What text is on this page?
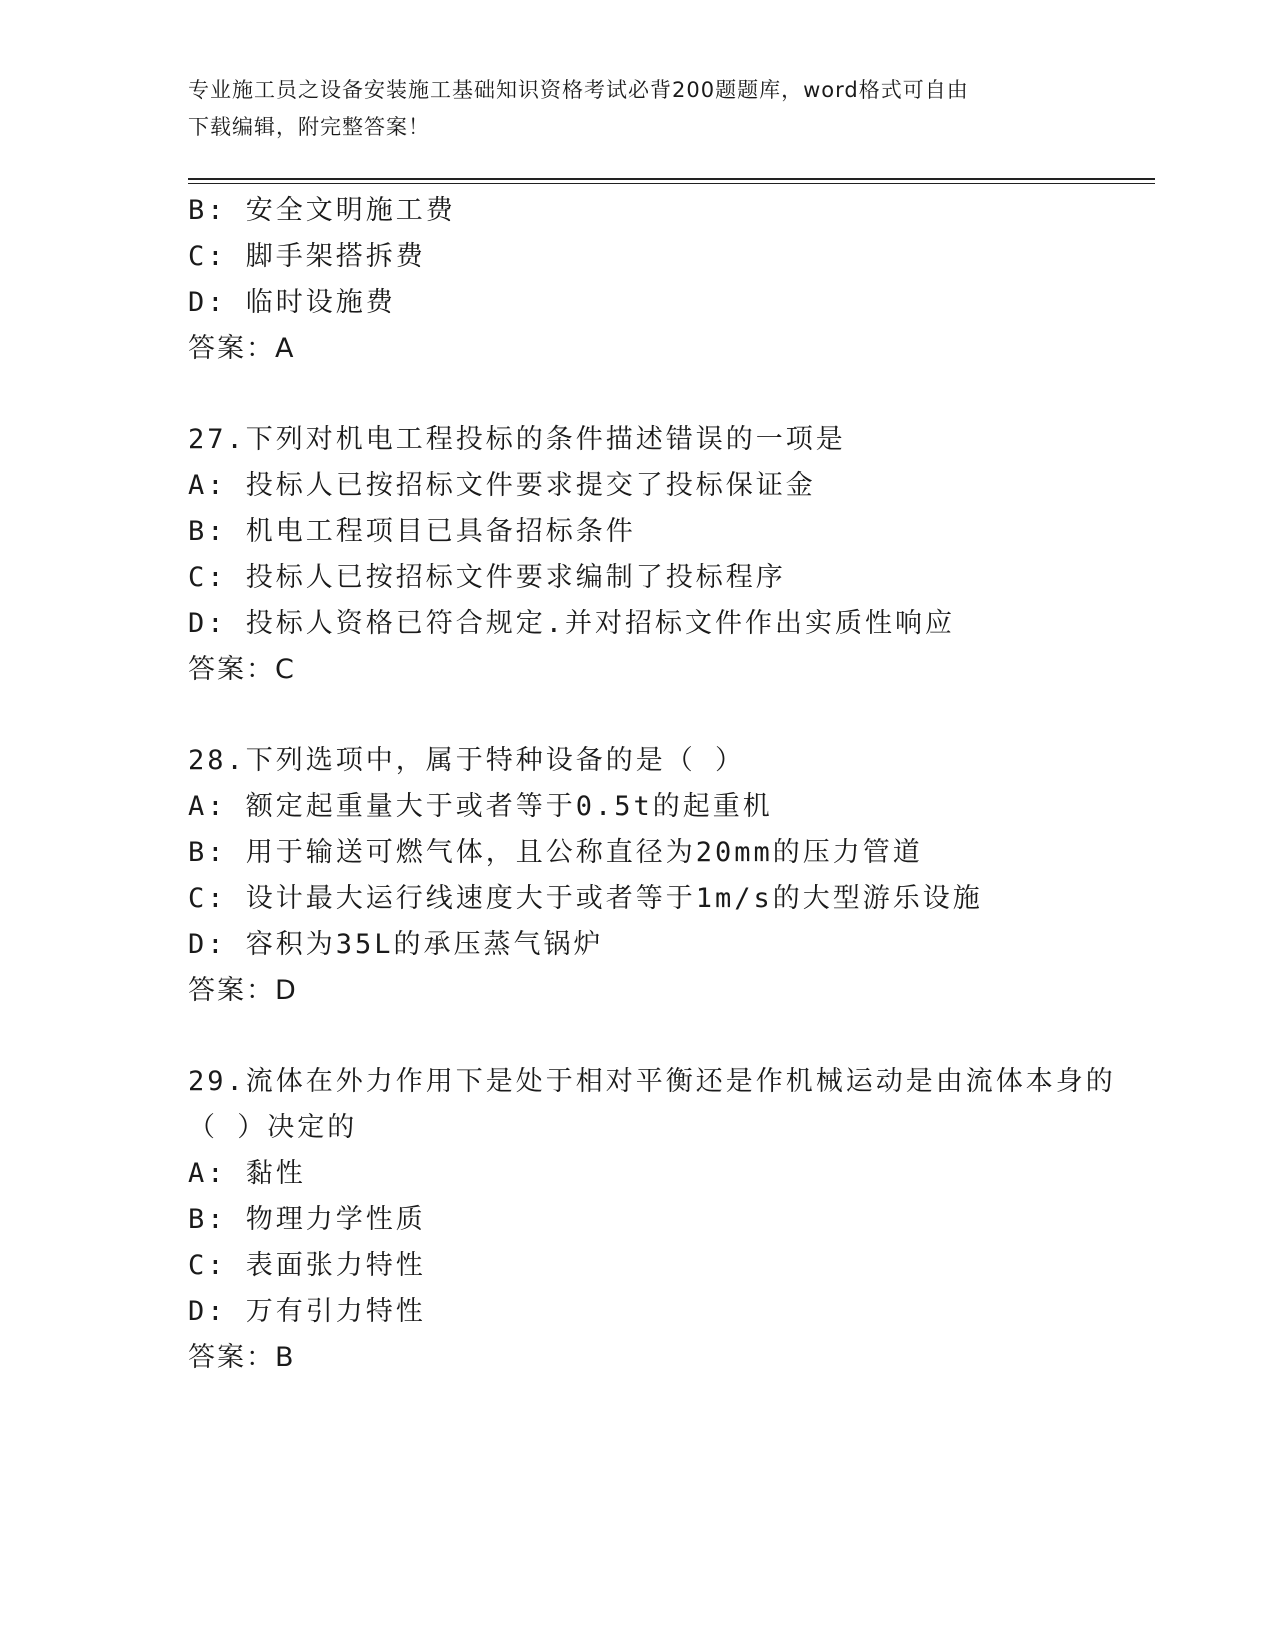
专业施工员之设备安装施工基础知识资格考试必背200题题库，word格式可自由
下载编辑，附完整答案！
B: 安全文明施工费
C: 脚手架搭拆费
D: 临时设施费
答案：A
27.下列对机电工程投标的条件描述错误的一项是
A: 投标人已按招标文件要求提交了投标保证金
B: 机电工程项目已具备招标条件
C: 投标人已按招标文件要求编制了投标程序
D: 投标人资格已符合规定.并对招标文件作出实质性响应
答案：C
28.下列选项中，属于特种设备的是（ ）
A: 额定起重量大于或者等于0.5t的起重机
B: 用于输送可燃气体，且公称直径为20mm的压力管道
C: 设计最大运行线速度大于或者等于1m/s的大型游乐设施
D: 容积为35L的承压蒸气锅炉
答案：D
29.流体在外力作用下是处于相对平衡还是作机械运动是由流体本身的
（ ）决定的
A: 黏性
B: 物理力学性质
C: 表面张力特性
D: 万有引力特性
答案：B
